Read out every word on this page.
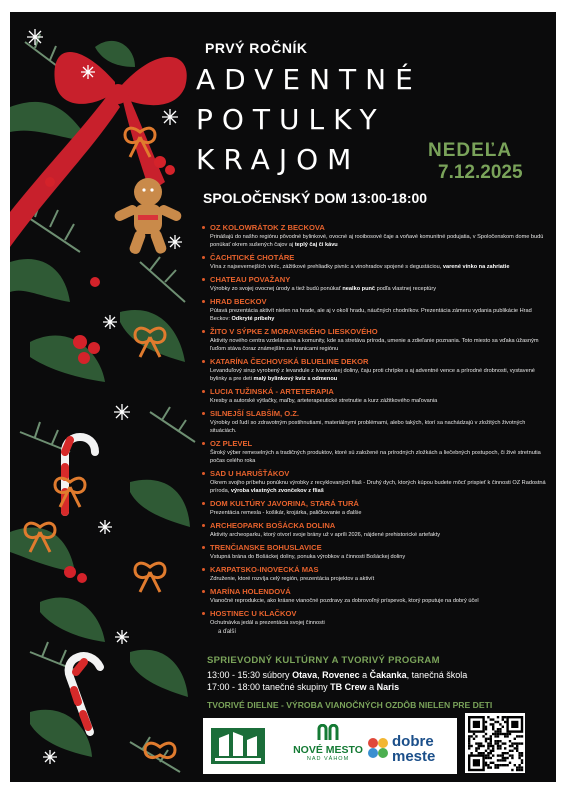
PRVÝ ROČNÍK
ADVENTNÉ
POTULKY
KRAJOM	NEDEĽA
7.12.2025
SPOLOČENSKÝ DOM 13:00-18:00
OZ KOLOWRÁTOK Z BECKOVA
Prinášajú do našho regiónu pôvodné bylinkové, ovocné aj rooibosové čaje a voňavé komunitné podujatia, v Spoločenskom dome budú ponúkať okrem sušených čajov aj teplý čaj či kávu
ČACHTICKÉ CHOTÁRE
Vína z najsevernejších viníc, zážitkové prehliadky pivníc a vinohradov spojené s degustáciou, varené vínko na zahriatie
CHATEAU POVAŽANY
Výrobky zo svojej ovocnej úrody a tiež budú ponúkať nealko punč podľa vlastnej receptúry
HRAD BECKOV
Pútavá prezentácia aktivít nielen na hrade, ale aj v okolí hradu, náučných chodníkov. Prezentácia zámeru vydania publikácie Hrad Beckov: Odkryté príbehy
ŽITO V SÝPKE Z MORAVSKÉHO LIESKOVÉHO
Aktivity nového centra vzdelávania a komunity, kde sa stretáva príroda, umenie a zdieľanie poznania. Toto miesto sa vďaka úžasným ľuďom stáva čoraz známejším za hranicami regiónu
KATARÍNA ČECHOVSKÁ BLUELINE DEKOR
Levanduľový sirup vyrobený z levandule z Ivanovskej doliny, čaju proti chrípke a aj adventné vence a prírodné drobnosti, vystavené bylinky a pre deti malý bylinkový kvíz s odmenou
LUCIA TUŽINSKÁ - ARTETERAPIA
Kresby a autorské výtlačky, maľby, arteterapeutické stretnutie a kurz zážitkového maľovania
SILNEJŠÍ SLABŠÍM, O.Z.
Výrobky od ľudí so zdravotným postihnutiami, materiálnymi problémami, alebo takých, ktorí sa nachádzajú v zložitých životných situáciách.
OZ PLEVEL
Široký výber remeselných a tradičných produktov, ktoré sú založené na prírodných zložkách a liečebných postupoch, či živé stretnutia počas celého roka
SAD U HARUŠŤÁKOV
Okrem svojho príbehu ponúknu výrobky z recyklovaných fliaš - Druhý dych, ktorých kúpou budete môcť prispieť k činnosti OZ Radostná príroda, výroba vlastných zvončekov z fliaš
DOM KULTÚRY JAVORINA, STARÁ TURÁ
Prezentácia remesla - košikár, krojárka, paličkovanie a ďalšie
ARCHEOPARK BOŠÁCKA DOLINA
Aktivity archeoparku, ktorý otvorí svoje brány už v apríli 2026, nájdené prehistorické artefakty
TRENČIANSKE BOHUSLAVICE
Vstupná brána do Bošáckej doliny, ponuka výrobkov a činnosti Bošáckej doliny
KARPATSKO-INOVECKÁ MAS
Združenie, ktoré rozvíja celý región, prezentácia projektov a aktivít
MARÍNA HOLENDOVÁ
Vianočné reprodukcie, ako krásne vianočné pozdravy za dobrovoľný príspevok, ktorý poputuje na dobrý účel
HOSTINEC U KLAČKOV
Ochutnávka jedál a prezentácia svojej činnosti
a ďalší
SPRIEVODNÝ KULTÚRNY A TVORIVÝ PROGRAM
13:00 - 15:30 súbory Otava, Rovenec a Čakanka, tanečná škola
17:00 - 18:00 tanečné skupiny TB Crew a Naris
TVORIVÉ DIELNE - VÝROBA VIANOČNÝCH OZDÔB NIELEN PRE DETI
NOVÉ MESTO
NAD VÁHOM
dobre
meste
